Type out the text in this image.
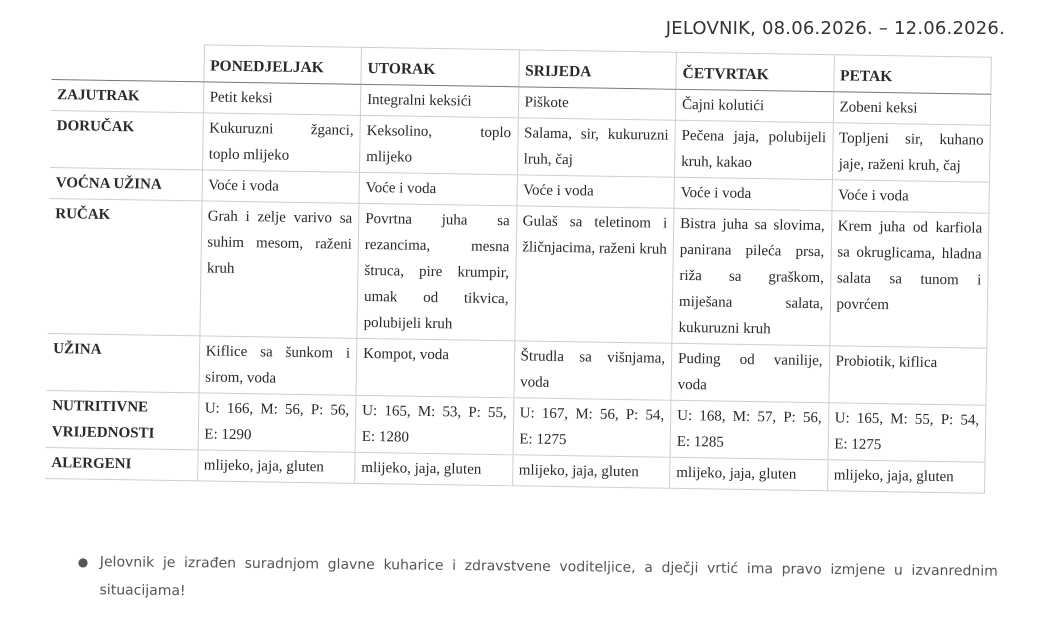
JELOVNIK, 08.06.2026. – 12.06.2026.
	PONEDJELJAK	UTORAK	SRIJEDA	ČETVRTAK	PETAK
ZAJUTRAK	Petit keksi	Integralni keksići	Piškote	Čajni kolutići	Zobeni keksi
DORUČAK	Kukuruzni žganci, toplo mlijeko	Keksolino, toplo mlijeko	Salama, sir, kukuruzni lruh, čaj	Pečena jaja, polubijeli kruh, kakao	Topljeni sir, kuhano jaje, raženi kruh, čaj
VOĆNA UŽINA	Voće i voda	Voće i voda	Voće i voda	Voće i voda	Voće i voda
RUČAK	Grah i zelje varivo sa suhim mesom, raženi kruh	Povrtna juha sa rezancima, mesna štruca, pire krumpir, umak od tikvica, polubijeli kruh	Gulaš sa teletinom i žličnjacima, raženi kruh	Bistra juha sa slovima, panirana pileća prsa, riža sa graškom, miješana salata, kukuruzni kruh	Krem juha od karfiola sa okruglicama, hladna salata sa tunom i povrćem
UŽINA	Kiflice sa šunkom i sirom, voda	Kompot, voda	Štrudla sa višnjama, voda	Puding od vanilije, voda	Probiotik, kiflica
NUTRITIVNE VRIJEDNOSTI	U: 166, M: 56, P: 56, E: 1290	U: 165, M: 53, P: 55, E: 1280	U: 167, M: 56, P: 54, E: 1275	U: 168, M: 57, P: 56, E: 1285	U: 165, M: 55, P: 54, E: 1275
ALERGENI	mlijeko, jaja, gluten	mlijeko, jaja, gluten	mlijeko, jaja, gluten	mlijeko, jaja, gluten	mlijeko, jaja, gluten
● Jelovnik je izrađen suradnjom glavne kuharice i zdravstvene voditeljice, a dječji vrtić ima pravo izmjene u izvanrednim situacijama!
